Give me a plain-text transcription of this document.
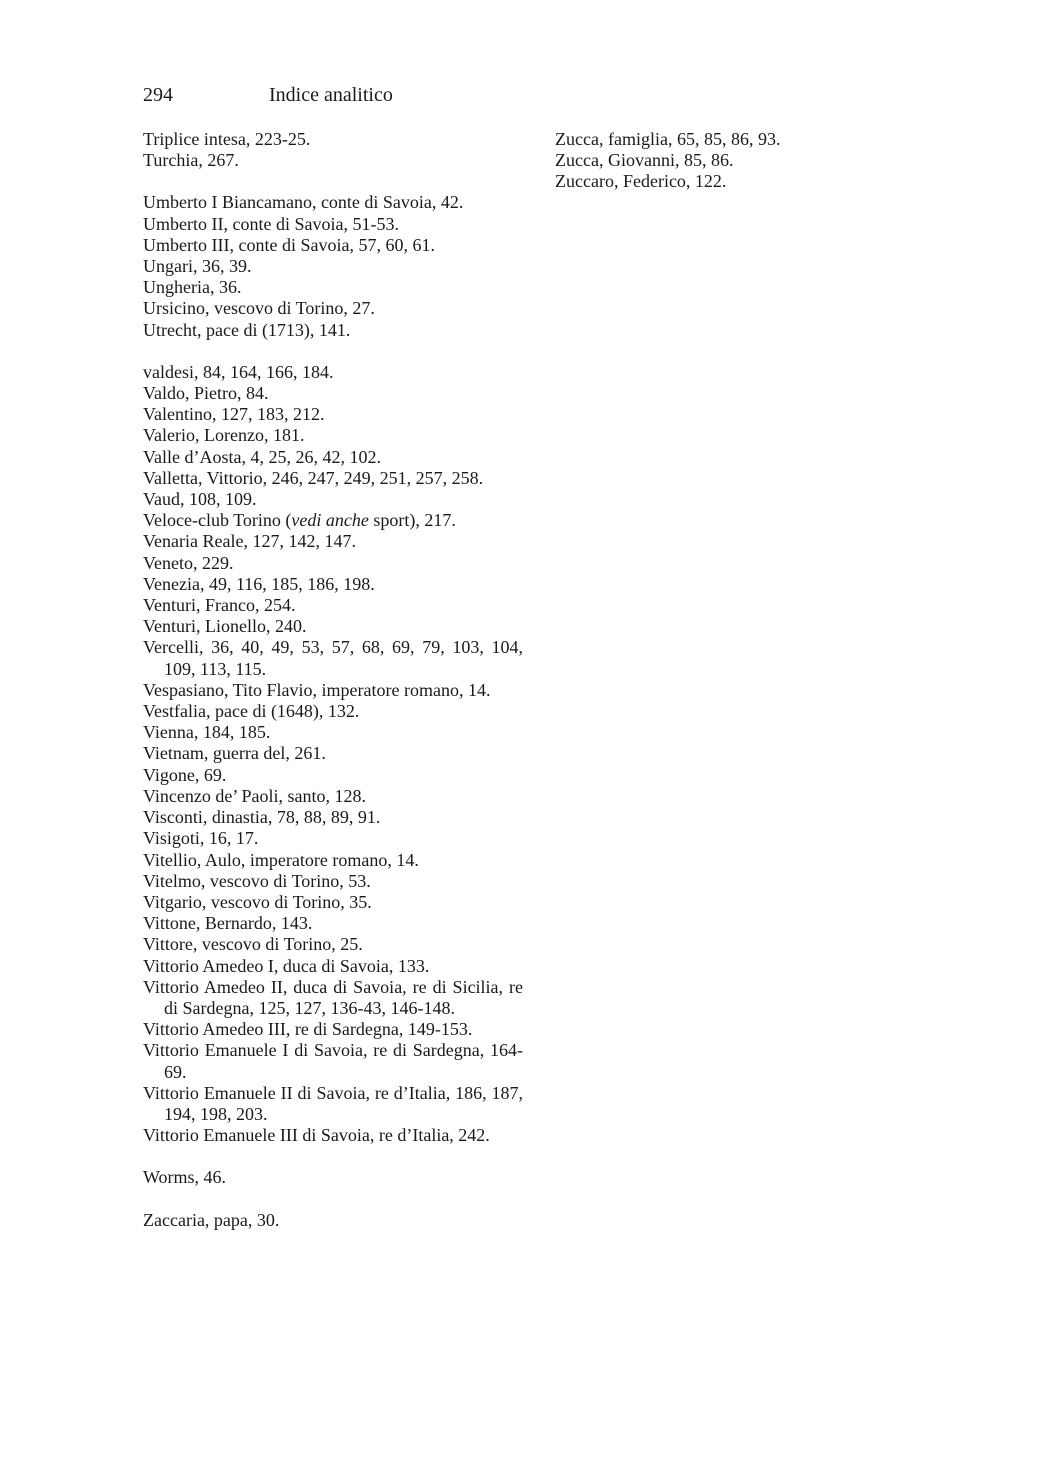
294	Indice analitico
Triplice intesa, 223-25.
Turchia, 267.
Umberto I Biancamano, conte di Savoia, 42.
Umberto II, conte di Savoia, 51-53.
Umberto III, conte di Savoia, 57, 60, 61.
Ungari, 36, 39.
Ungheria, 36.
Ursicino, vescovo di Torino, 27.
Utrecht, pace di (1713), 141.
valdesi, 84, 164, 166, 184.
Valdo, Pietro, 84.
Valentino, 127, 183, 212.
Valerio, Lorenzo, 181.
Valle d’Aosta, 4, 25, 26, 42, 102.
Valletta, Vittorio, 246, 247, 249, 251, 257, 258.
Vaud, 108, 109.
Veloce-club Torino (vedi anche sport), 217.
Venaria Reale, 127, 142, 147.
Veneto, 229.
Venezia, 49, 116, 185, 186, 198.
Venturi, Franco, 254.
Venturi, Lionello, 240.
Vercelli, 36, 40, 49, 53, 57, 68, 69, 79, 103, 104, 109, 113, 115.
Vespasiano, Tito Flavio, imperatore romano, 14.
Vestfalia, pace di (1648), 132.
Vienna, 184, 185.
Vietnam, guerra del, 261.
Vigone, 69.
Vincenzo de’ Paoli, santo, 128.
Visconti, dinastia, 78, 88, 89, 91.
Visigoti, 16, 17.
Vitellio, Aulo, imperatore romano, 14.
Vitelmo, vescovo di Torino, 53.
Vitgario, vescovo di Torino, 35.
Vittone, Bernardo, 143.
Vittore, vescovo di Torino, 25.
Vittorio Amedeo I, duca di Savoia, 133.
Vittorio Amedeo II, duca di Savoia, re di Sicilia, re di Sardegna, 125, 127, 136-43, 146-148.
Vittorio Amedeo III, re di Sardegna, 149-153.
Vittorio Emanuele I di Savoia, re di Sardegna, 164-69.
Vittorio Emanuele II di Savoia, re d’Italia, 186, 187, 194, 198, 203.
Vittorio Emanuele III di Savoia, re d’Italia, 242.
Worms, 46.
Zaccaria, papa, 30.
Zucca, famiglia, 65, 85, 86, 93.
Zucca, Giovanni, 85, 86.
Zuccaro, Federico, 122.
